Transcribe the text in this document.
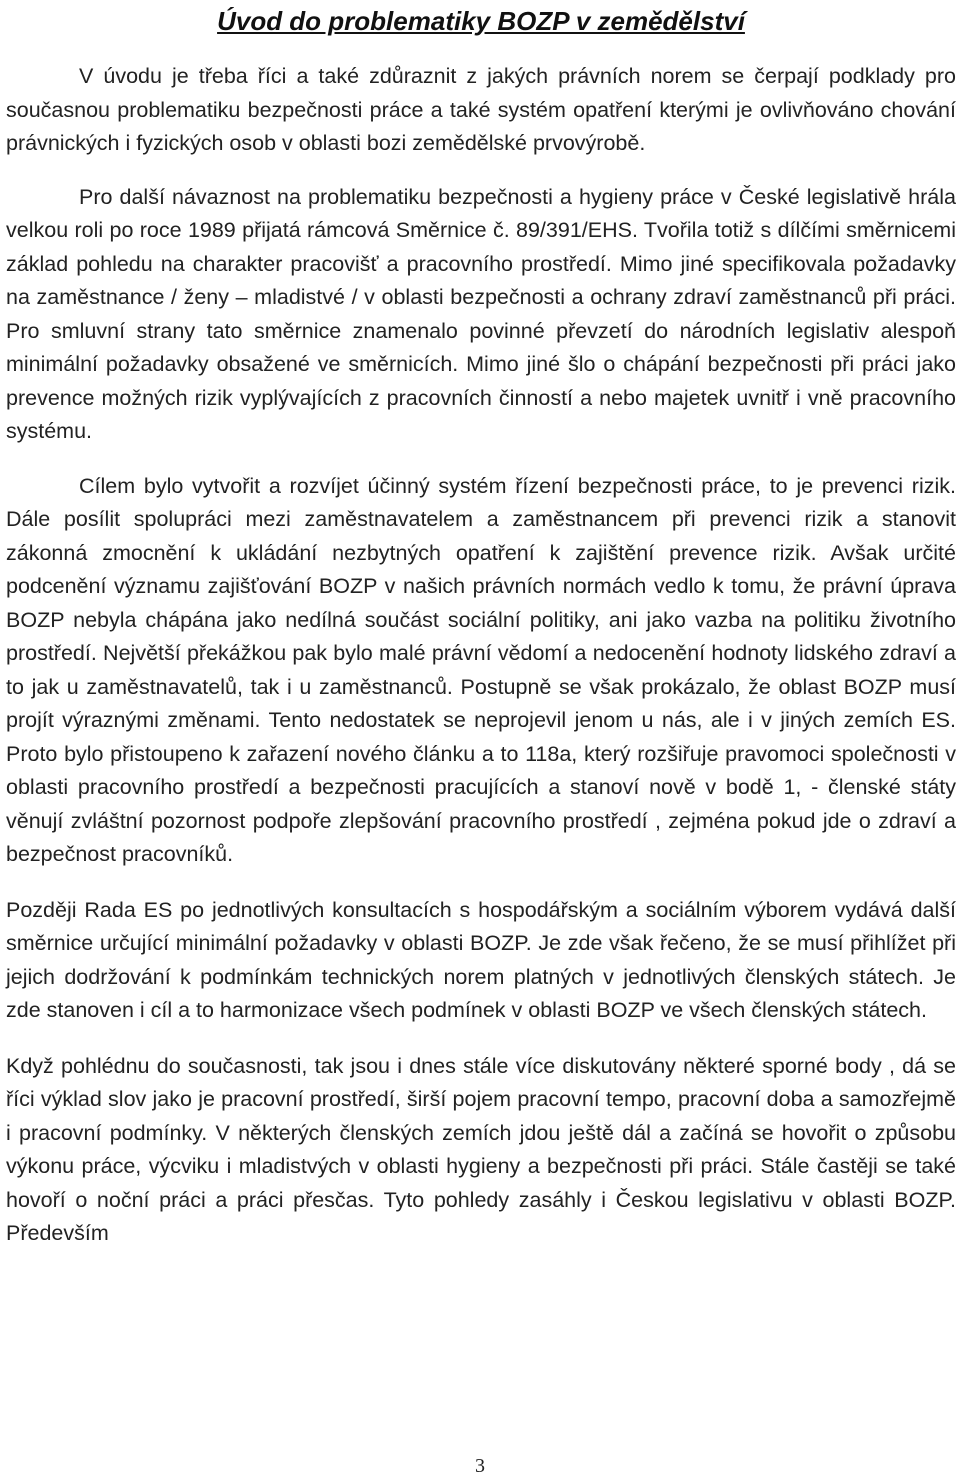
Úvod do problematiky BOZP v zemědělství

V úvodu je třeba říci a také zdůraznit z jakých právních norem se čerpají podklady pro současnou problematiku bezpečnosti práce a také systém opatření kterými je ovlivňováno chování právnických i fyzických osob v oblasti bozi zemědělské prvovýrobě.

Pro další návaznost na problematiku bezpečnosti a hygieny práce v České legislativě hrála velkou roli po roce 1989 přijatá rámcová Směrnice č. 89/391/EHS. Tvořila totiž s dílčími směrnicemi základ pohledu na charakter pracovišť a pracovního prostředí. Mimo jiné specifikovala požadavky na zaměstnance / ženy – mladistvé / v oblasti bezpečnosti a ochrany zdraví zaměstnanců při práci. Pro smluvní strany tato směrnice znamenalo povinné převzetí do národních legislativ alespoň minimální požadavky obsažené ve směrnicích. Mimo jiné šlo o chápání bezpečnosti při práci jako prevence možných rizik vyplývajících z pracovních činností a nebo majetek uvnitř i vně pracovního systému.

Cílem bylo vytvořit a rozvíjet účinný systém řízení bezpečnosti práce, to je prevenci rizik. Dále posílit spolupráci mezi zaměstnavatelem a zaměstnancem při prevenci rizik a stanovit zákonná zmocnění k ukládání nezbytných opatření k zajištění prevence rizik. Avšak určité podcenění významu zajišťování BOZP v našich právních normách vedlo k tomu, že právní úprava BOZP nebyla chápána jako nedílná součást sociální politiky, ani jako vazba na politiku životního prostředí. Největší překážkou pak bylo malé právní vědomí a nedocenění hodnoty lidského zdraví a to jak u zaměstnavatelů, tak i u zaměstnanců. Postupně se však prokázalo, že oblast BOZP musí projít výraznými změnami. Tento nedostatek se neprojevil jenom u nás, ale i v jiných zemích ES. Proto bylo přistoupeno k zařazení nového článku a to 118a, který rozšiřuje pravomoci společnosti v oblasti pracovního prostředí a bezpečnosti pracujících a stanoví nově v bodě 1, - členské státy věnují zvláštní pozornost podpoře zlepšování pracovního prostředí , zejména pokud jde o zdraví a bezpečnost pracovníků.

Později Rada ES po jednotlivých konsultacích s hospodářským a sociálním výborem vydává další směrnice určující minimální požadavky v oblasti BOZP. Je zde však řečeno, že se musí přihlížet při jejich dodržování k podmínkám technických norem platných v jednotlivých členských státech. Je zde stanoven i cíl a to harmonizace všech podmínek v oblasti BOZP ve všech členských státech.

Když pohlédnu do současnosti, tak jsou i dnes stále více diskutovány některé sporné body , dá se říci výklad slov jako je pracovní prostředí, širší pojem pracovní tempo, pracovní doba a samozřejmě i pracovní podmínky. V některých členských zemích jdou ještě dál a začíná se hovořit o způsobu výkonu práce, výcviku i mladistvých v oblasti hygieny a bezpečnosti při práci. Stále častěji se také hovoří o noční práci a práci přesčas. Tyto pohledy zasáhly i Českou legislativu v oblasti BOZP. Především

3
